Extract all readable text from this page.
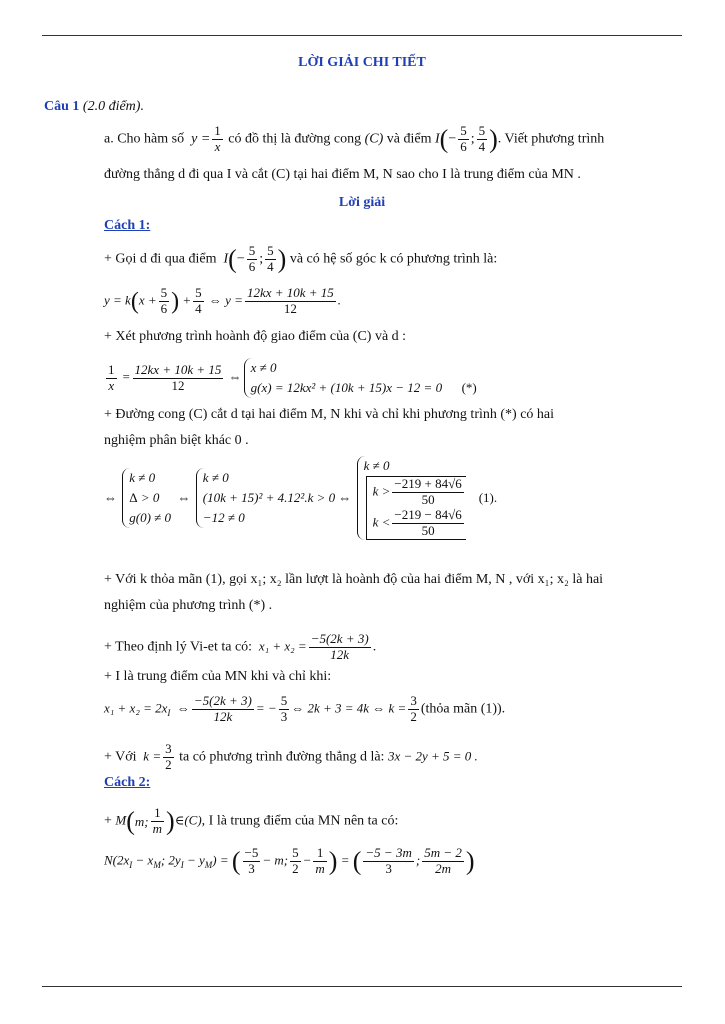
LỜI GIẢI CHI TIẾT
Câu 1 (2.0 điểm).
a. Cho hàm số  $y = \frac{1}{x}$ có đồ thị là đường cong (C) và điểm $I(- \frac{5}{6}$ ; $\frac{5}{4}$ ). Viết phương trình
đường thẳng d đi qua I và cắt (C) tại hai điểm M, N sao cho I là trung điểm của MN .
Lời giải
Cách 1:
+ Gọi d đi qua điểm  $I(- \frac{5}{6}$ ; $\frac{5}{4}$ ) và có hệ số góc k có phương trình là:
$y = k(x + \frac{5}{6}$ ) + $\frac{5}{4}$ ⇔ $y = \frac{12kx + 10k + 15}{12}$ .
+ Xét phương trình hoành độ giao điểm của (C) và d :
$\frac{1}{x} = \frac{12kx + 10k + 15}{12}$ ⇔
x ≠ 0
g(x) = 12kx² + (10k + 15)x − 12 = 0      (*)
+ Đường cong (C) cắt d tại hai điểm M, N khi và chỉ khi phương trình (*) có hai
nghiệm phân biệt khác 0 .
⇔
k ≠ 0
Δ > 0
g(0) ≠ 0
⇔
k ≠ 0
(10k + 15)² + 4.12².k > 0
−12 ≠ 0
⇔
k ≠ 0
$k > \frac{-219 + 84√6}{50}$
$k < \frac{-219 - 84√6}{50}$
(1).
+ Với k thỏa mãn (1), gọi x₁; x₂ lần lượt là hoành độ của hai điểm M, N , với x₁; x₂ là hai
nghiệm của phương trình (*) .
+ Theo định lý Vi-et ta có:  $x_1 + x_2 = \frac{-5(2k + 3)}{12k}$ .
+ I là trung điểm của MN khi và chỉ khi:
$x_1 + x_2 = 2x_I$  ⇔ $\frac{-5(2k + 3)}{12k}$ = − $\frac{5}{3}$ ⇔ 2k + 3 = 4k ⇔ $k = \frac{3}{2}$ (thỏa mãn (1)).
+ Với  $k = \frac{3}{2}$ ta có phương trình đường thẳng d là: 3x − 2y + 5 = 0 .
Cách 2:
+ M(m; $\frac{1}{m}$ )∈(C), I là trung điểm của MN nên ta có:
$N(2x_I - x_M$; $2y_I - y_M$) = ( $\frac{-5}{3} - m$; $\frac{5}{2} - \frac{1}{m}$ ) = ( $\frac{-5 - 3m}{3}$ ; $\frac{5m - 2}{2m}$ )
